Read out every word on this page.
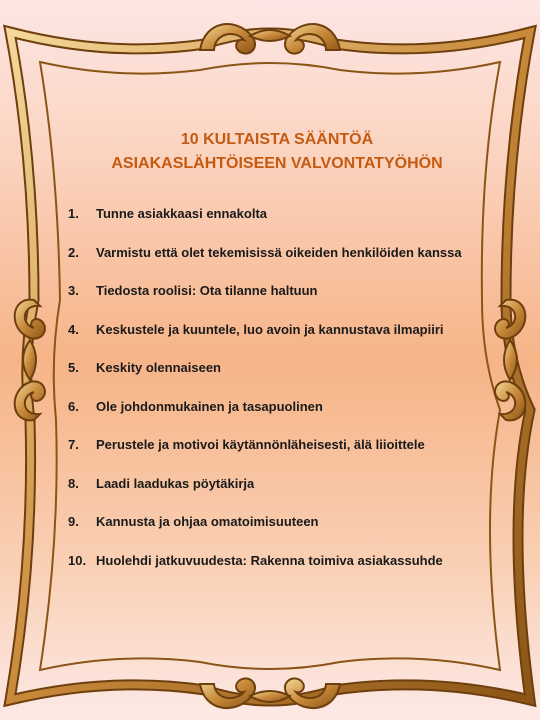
10 KULTAISTA SÄÄNTÖÄ
ASIAKASLÄHTÖISEEN VALVONTATYÖHÖN
1.	Tunne asiakkaasi ennakolta
2.	Varmistu että olet tekemisissä oikeiden henkilöiden kanssa
3.	Tiedosta roolisi: Ota tilanne haltuun
4.	Keskustele ja kuuntele, luo avoin ja kannustava ilmapiiri
5.	Keskity olennaiseen
6.	Ole johdonmukainen ja tasapuolinen
7.	Perustele ja motivoi käytännönläheisesti, älä liioittele
8.	Laadi laadukas pöytäkirja
9.	Kannusta ja ohjaa omatoimisuuteen
10. Huolehdi jatkuvuudesta: Rakenna toimiva asiakassuhde
